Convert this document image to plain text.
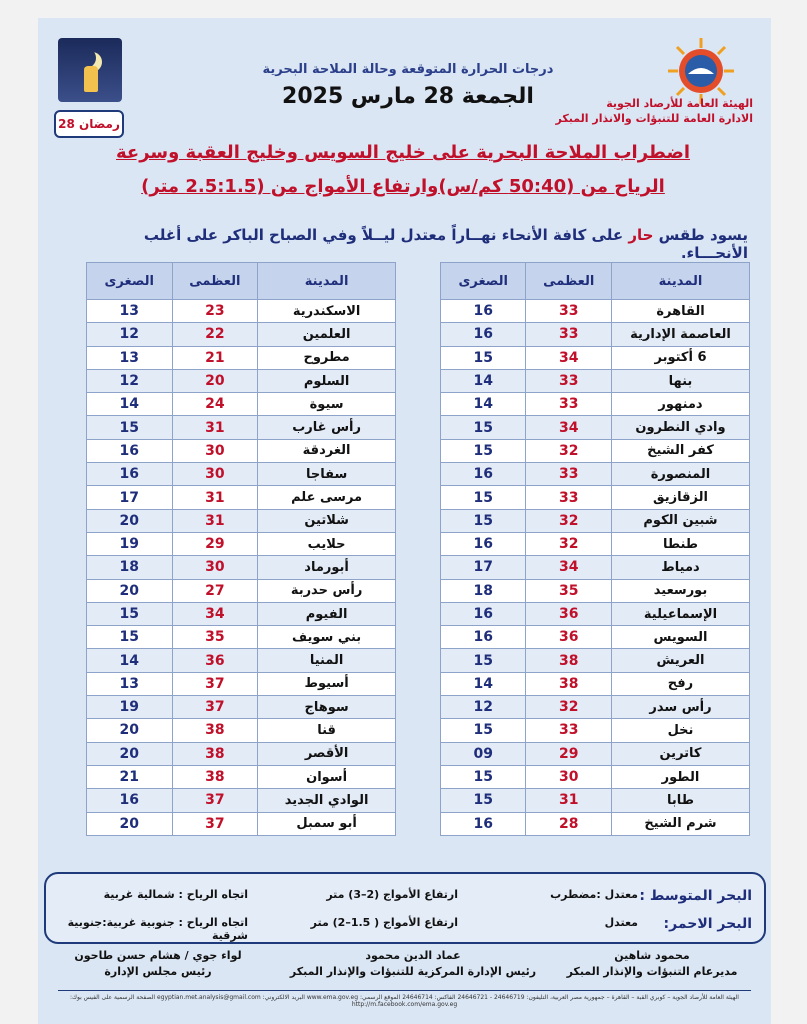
28 رمضان
الهيئة العامة للأرصاد الجوية
الادارة العامة للتنبؤات والانذار المبكر
درجات الحرارة المتوقعة وحالة الملاحة البحرية
الجمعة 28 مارس 2025
اضطراب الملاحة البحرية على خليج السويس وخليج العقبة وسرعة
الرياح من (50:40 كم/س)وارتفاع الأمواج من (2.5:1.5 متر)
يسود طقس حار على كافة الأنحاء نهــاراً معتدل ليــلاً وفي الصباح الباكر على أغلب الأنحـــاء.
المدينة	العظمى	الصغرى
القاهرة	33	16
العاصمة الإدارية	33	16
6 أكتوبر	34	15
بنها	33	14
دمنهور	33	14
وادي النطرون	34	15
كفر الشيخ	32	15
المنصورة	33	16
الزقازيق	33	15
شبين الكوم	32	15
طنطا	32	16
دمياط	34	17
بورسعيد	35	18
الإسماعيلية	36	16
السويس	36	16
العريش	38	15
رفح	38	14
رأس سدر	32	12
نخل	33	15
كاترين	29	09
الطور	30	15
طابا	31	15
شرم الشيخ	28	16
المدينة	العظمى	الصغرى
الاسكندرية	23	13
العلمين	22	12
مطروح	21	13
السلوم	20	12
سيوة	24	14
رأس غارب	31	15
الغردقة	30	16
سفاجا	30	16
مرسى علم	31	17
شلاتين	31	20
حلايب	29	19
أبورماد	30	18
رأس حدربة	27	20
الفيوم	34	15
بني سويف	35	15
المنيا	36	14
أسيوط	37	13
سوهاج	37	19
قنا	38	20
الأقصر	38	20
أسوان	38	21
الوادي الجديد	37	16
أبو سمبل	37	20
البحر المتوسط :
معتدل :مضطرب
ارتفاع الأمواج (2–3) متر
اتجاه الرياح : شمالية غربية
البحر الاحمر:
معتدل
ارتفاع الأمواج ( 1.5–2) متر
اتجاه الرياح : جنوبية غربية:جنوبية شرقية
محمود شاهين
مديرعام التنبؤات والإنذار المبكر
عماد الدين محمود
رئيس الإدارة المركزية للتنبؤات والإنذار المبكر
لواء جوي / هشام حسن طاحون
رئيس مجلس الإدارة
الهيئة العامة للأرصاد الجوية – كوبري القبة – القاهرة – جمهورية مصر العربية، التليفون: 24646719 - 24646721 الفاكس: 24646714 الموقع الرسمي: www.ema.gov.eg البريد الالكتروني: egyptian.met.analysis@gmail.com الصفحة الرسمية على الفيس بوك: http://m.facebook.com/ema.gov.eg
